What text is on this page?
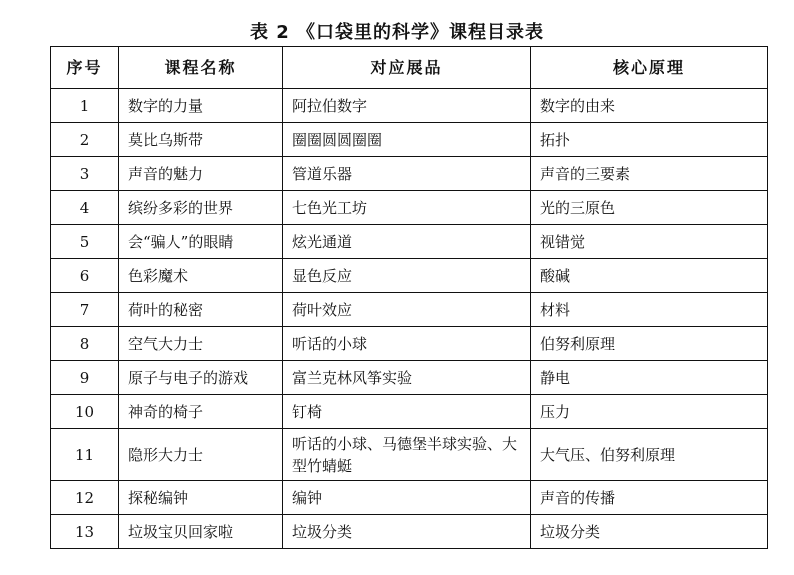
表 2 《口袋里的科学》课程目录表
序号	课程名称	对应展品	核心原理
1	数字的力量	阿拉伯数字	数字的由来
2	莫比乌斯带	圈圈圆圆圈圈	拓扑
3	声音的魅力	管道乐器	声音的三要素
4	缤纷多彩的世界	七色光工坊	光的三原色
5	会“骗人”的眼睛	炫光通道	视错觉
6	色彩魔术	显色反应	酸碱
7	荷叶的秘密	荷叶效应	材料
8	空气大力士	听话的小球	伯努利原理
9	原子与电子的游戏	富兰克林风筝实验	静电
10	神奇的椅子	钉椅	压力
11	隐形大力士	听话的小球、马德堡半球实验、大型竹蜻蜓	大气压、伯努利原理
12	探秘编钟	编钟	声音的传播
13	垃圾宝贝回家啦	垃圾分类	垃圾分类
